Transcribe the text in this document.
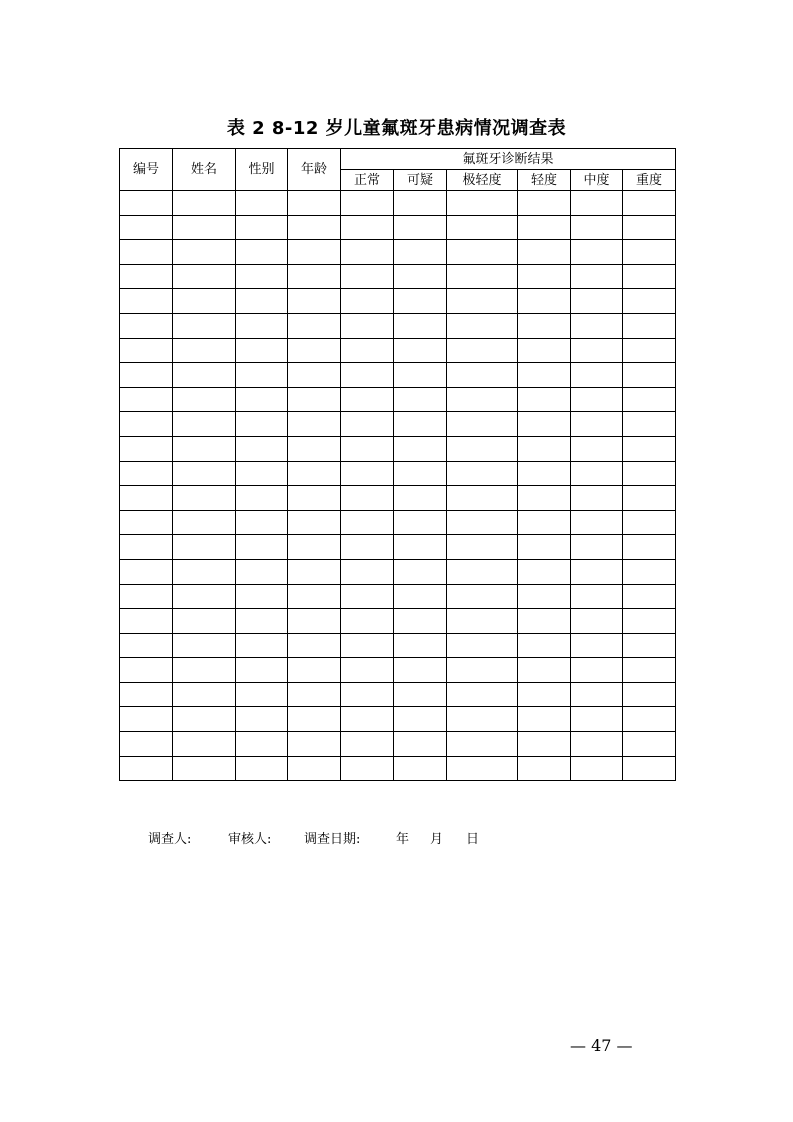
表 2 8-12 岁儿童氟斑牙患病情况调查表
编号	姓名	性别	年龄	氟斑牙诊断结果					
				正常	可疑	极轻度	轻度	中度	重度

调查人:	审核人:	调查日期:	年 月 日
— 47 —
